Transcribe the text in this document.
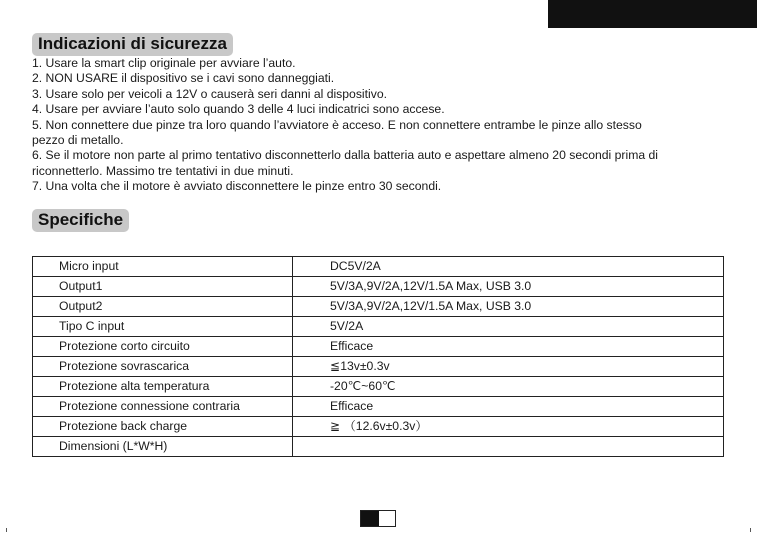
Indicazioni di sicurezza
1. Usare la smart clip originale per avviare l’auto.
2. NON USARE il dispositivo se i cavi sono danneggiati.
3. Usare solo per veicoli a 12V o causerà seri danni al dispositivo.
4. Usare per avviare l’auto solo quando 3 delle 4 luci indicatrici sono accese.
5. Non connettere due pinze tra loro quando l’avviatore è acceso. E non connettere entrambe le pinze allo stesso
pezzo di metallo.
6. Se il motore non parte al primo tentativo disconnetterlo dalla batteria auto e aspettare almeno 20 secondi prima di
riconnetterlo. Massimo tre tentativi in due minuti.
7. Una volta che il motore è avviato disconnettere le pinze entro 30 secondi.
Specifiche
Micro input	DC5V/2A
Output1	5V/3A,9V/2A,12V/1.5A Max, USB 3.0
Output2	5V/3A,9V/2A,12V/1.5A Max, USB 3.0
Tipo C input	5V/2A
Protezione corto circuito	Efficace
Protezione sovrascarica	≦13v±0.3v
Protezione alta temperatura	-20℃~60℃
Protezione connessione contraria	Efficace
Protezione back charge	≧ （12.6v±0.3v）
Dimensioni (L*W*H)	
